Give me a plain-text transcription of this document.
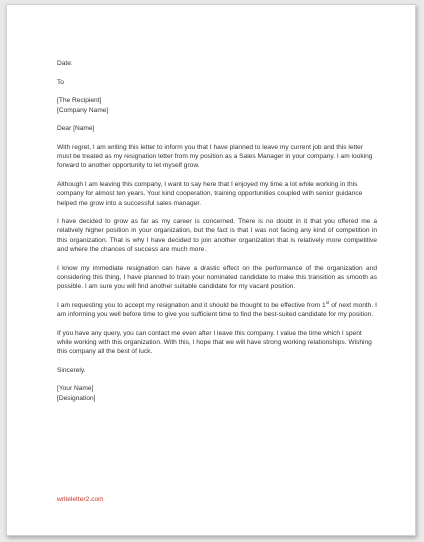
Date:

To

[The Recipient]
[Company Name]

Dear [Name]

With regret, I am writing this letter to inform you that I have planned to leave my current job and this letter must be treated as my resignation letter from my position as a Sales Manager in your company. I am looking forward to another opportunity to let myself grow.

Although I am leaving this company, I want to say here that I enjoyed my time a lot while working in this company for almost ten years. Your kind cooperation, training opportunities coupled with senior guidance helped me grow into a successful sales manager.

I have decided to grow as far as my career is concerned. There is no doubt in it that you offered me a relatively higher position in your organization, but the fact is that I was not facing any kind of competition in this organization. That is why I have decided to join another organization that is relatively more competitive and where the chances of success are much more.

I know my immediate resignation can have a drastic effect on the performance of the organization and considering this thing, I have planned to train your nominated candidate to make this transition as smooth as possible. I am sure you will find another suitable candidate for my vacant position.

I am requesting you to accept my resignation and it should be thought to be effective from 1st of next month. I am informing you well before time to give you sufficient time to find the best-suited candidate for my position.

If you have any query, you can contact me even after I leave this company. I value the time which I spent while working with this organization. With this, I hope that we will have strong working relationships. Wishing this company all the best of luck.

Sincerely.

[Your Name]
[Designation]

writeletter2.com
